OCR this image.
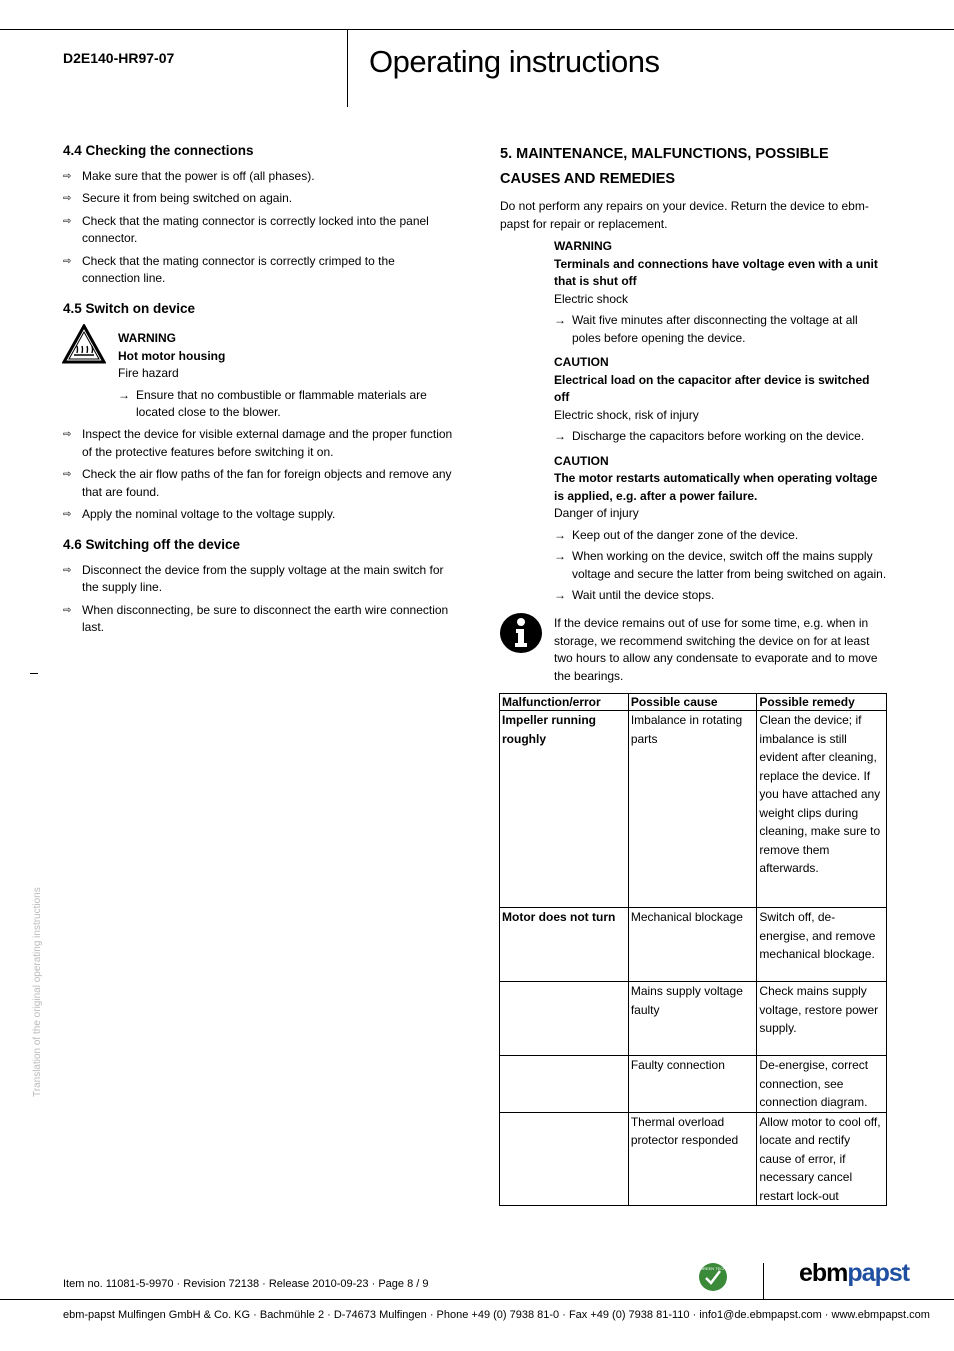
D2E140-HR97-07	Operating instructions
4.4 Checking the connections
⇨ Make sure that the power is off (all phases).
⇨ Secure it from being switched on again.
⇨ Check that the mating connector is correctly locked into the panel connector.
⇨ Check that the mating connector is correctly crimped to the connection line.
4.5 Switch on device
WARNING
Hot motor housing
Fire hazard
→ Ensure that no combustible or flammable materials are located close to the blower.
⇨ Inspect the device for visible external damage and the proper function of the protective features before switching it on.
⇨ Check the air flow paths of the fan for foreign objects and remove any that are found.
⇨ Apply the nominal voltage to the voltage supply.
4.6 Switching off the device
⇨ Disconnect the device from the supply voltage at the main switch for the supply line.
⇨ When disconnecting, be sure to disconnect the earth wire connection last.
5. MAINTENANCE, MALFUNCTIONS, POSSIBLE CAUSES AND REMEDIES
Do not perform any repairs on your device. Return the device to ebm-papst for repair or replacement.
WARNING
Terminals and connections have voltage even with a unit that is shut off
Electric shock
→ Wait five minutes after disconnecting the voltage at all poles before opening the device.
CAUTION
Electrical load on the capacitor after device is switched off
Electric shock, risk of injury
→ Discharge the capacitors before working on the device.
CAUTION
The motor restarts automatically when operating voltage is applied, e.g. after a power failure.
Danger of injury
→ Keep out of the danger zone of the device.
→ When working on the device, switch off the mains supply voltage and secure the latter from being switched on again.
→ Wait until the device stops.
If the device remains out of use for some time, e.g. when in storage, we recommend switching the device on for at least two hours to allow any condensate to evaporate and to move the bearings.
Malfunction/error	Possible cause	Possible remedy
Impeller running roughly	Imbalance in rotating parts	Clean the device; if imbalance is still evident after cleaning, replace the device. If you have attached any weight clips during cleaning, make sure to remove them afterwards.
Motor does not turn	Mechanical blockage	Switch off, de-energise, and remove mechanical blockage.
	Mains supply voltage faulty	Check mains supply voltage, restore power supply.
	Faulty connection	De-energise, correct connection, see connection diagram.
	Thermal overload protector responded	Allow motor to cool off, locate and rectify cause of error, if necessary cancel restart lock-out
Translation of the original operating instructions
Item no. 11081-5-9970 · Revision 72138 · Release 2010-09-23 · Page 8 / 9
GREEN TECH	ebmpapst
ebm-papst Mulfingen GmbH & Co. KG · Bachmühle 2 · D-74673 Mulfingen · Phone +49 (0) 7938 81-0 · Fax +49 (0) 7938 81-110 · info1@de.ebmpapst.com · www.ebmpapst.com
